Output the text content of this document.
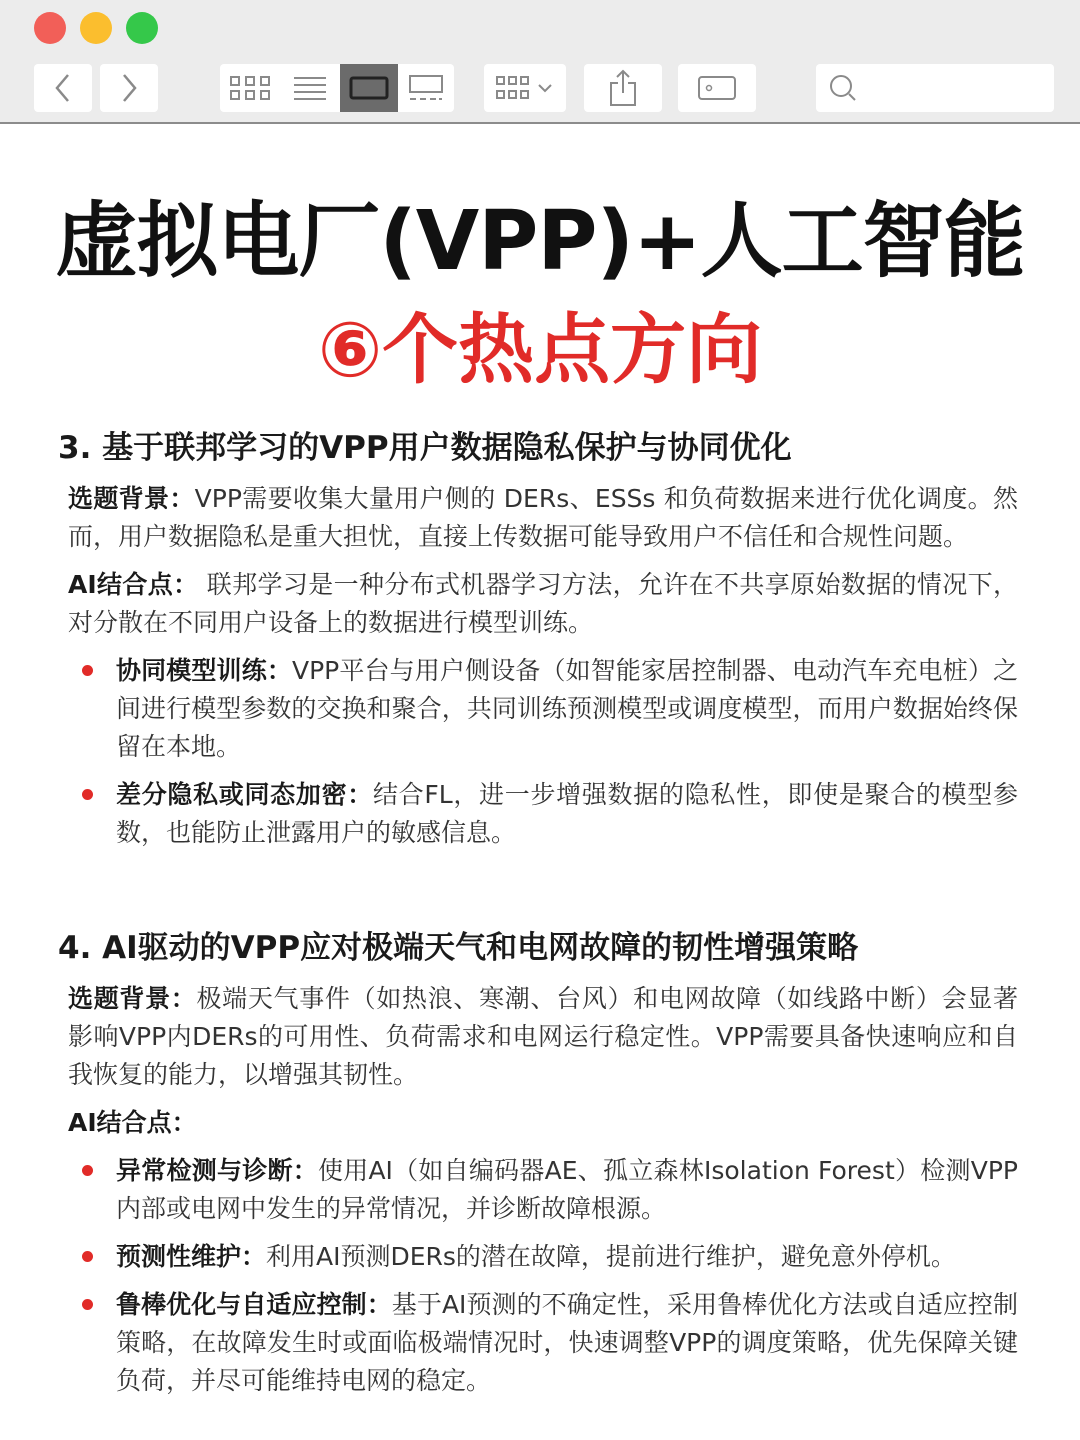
虚拟电厂(VPP)+人工智能
⑥个热点方向
3. 基于联邦学习的VPP用户数据隐私保护与协同优化

选题背景：VPP需要收集大量用户侧的 DERs、ESSs 和负荷数据来进行优化调度。然而，用户数据隐私是重大担忧，直接上传数据可能导致用户不信任和合规性问题。

AI结合点： 联邦学习是一种分布式机器学习方法，允许在不共享原始数据的情况下，对分散在不同用户设备上的数据进行模型训练。

协同模型训练：VPP平台与用户侧设备（如智能家居控制器、电动汽车充电桩）之间进行模型参数的交换和聚合，共同训练预测模型或调度模型，而用户数据始终保留在本地。
差分隐私或同态加密：结合FL，进一步增强数据的隐私性，即使是聚合的模型参数，也能防止泄露用户的敏感信息。
4. AI驱动的VPP应对极端天气和电网故障的韧性增强策略

选题背景：极端天气事件（如热浪、寒潮、台风）和电网故障（如线路中断）会显著影响VPP内DERs的可用性、负荷需求和电网运行稳定性。VPP需要具备快速响应和自我恢复的能力，以增强其韧性。

AI结合点：

异常检测与诊断：使用AI（如自编码器AE、孤立森林Isolation Forest）检测VPP内部或电网中发生的异常情况，并诊断故障根源。
预测性维护：利用AI预测DERs的潜在故障，提前进行维护，避免意外停机。
鲁棒优化与自适应控制：基于AI预测的不确定性，采用鲁棒优化方法或自适应控制策略，在故障发生时或面临极端情况时，快速调整VPP的调度策略，优先保障关键负荷，并尽可能维持电网的稳定。
